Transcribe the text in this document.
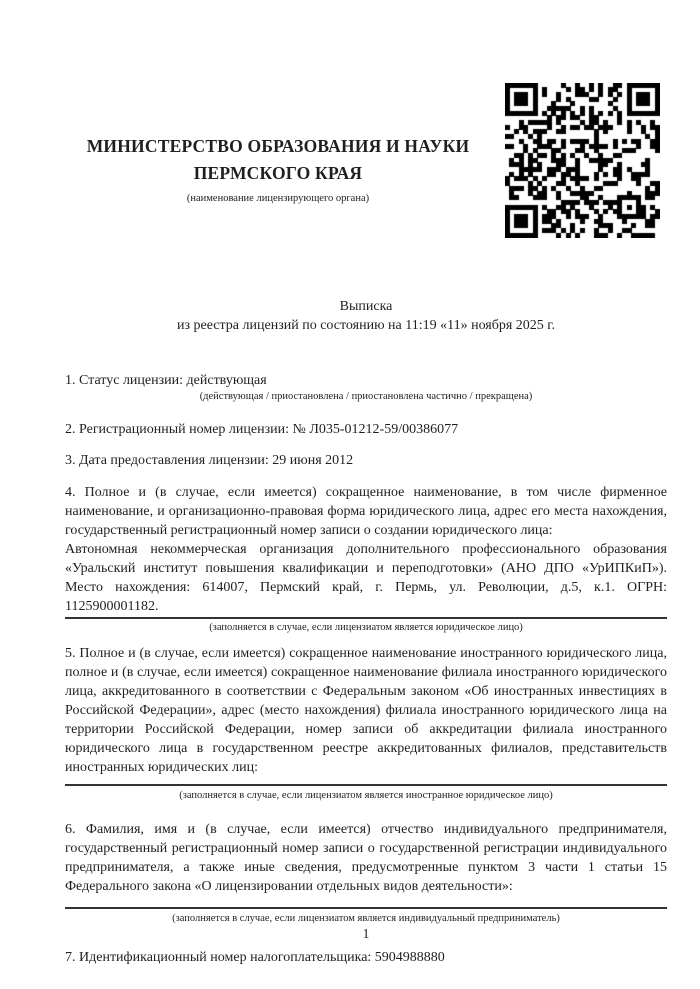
МИНИСТЕРСТВО ОБРАЗОВАНИЯ И НАУКИ
ПЕРМСКОГО КРАЯ
(наименование лицензирующего органа)
Выписка
из реестра лицензий по состоянию на 11:19 «11» ноября 2025 г.

1. Статус лицензии: действующая

(действующая / приостановлена / приостановлена частично / прекращена)

2. Регистрационный номер лицензии: № Л035-01212-59/00386077

3. Дата предоставления лицензии: 29 июня 2012

4. Полное и (в случае, если имеется) сокращенное наименование, в том числе фирменное наименование, и организационно-правовая форма юридического лица, адрес его места нахождения, государственный регистрационный номер записи о создании юридического лица:
Автономная некоммерческая организация дополнительного профессионального образования «Уральский институт повышения квалификации и переподготовки» (АНО ДПО «УрИПКиП»). Место нахождения: 614007, Пермский край, г. Пермь, ул. Революции, д.5, к.1. ОГРН: 1125900001182.

(заполняется в случае, если лицензиатом является юридическое лицо)

5. Полное и (в случае, если имеется) сокращенное наименование иностранного юридического лица, полное и (в случае, если имеется) сокращенное наименование филиала иностранного юридического лица, аккредитованного в соответствии с Федеральным законом «Об иностранных инвестициях в Российской Федерации», адрес (место нахождения) филиала иностранного юридического лица на территории Российской Федерации, номер записи об аккредитации филиала иностранного юридического лица в государственном реестре аккредитованных филиалов, представительств иностранных юридических лиц:

(заполняется в случае, если лицензиатом является иностранное юридическое лицо)

6. Фамилия, имя и (в случае, если имеется) отчество индивидуального предпринимателя, государственный регистрационный номер записи о государственной регистрации индивидуального предпринимателя, а также иные сведения, предусмотренные пунктом 3 части 1 статьи 15 Федерального закона «О лицензировании отдельных видов деятельности»:

(заполняется в случае, если лицензиатом является индивидуальный предприниматель)

7. Идентификационный номер налогоплательщика: 5904988880

1
